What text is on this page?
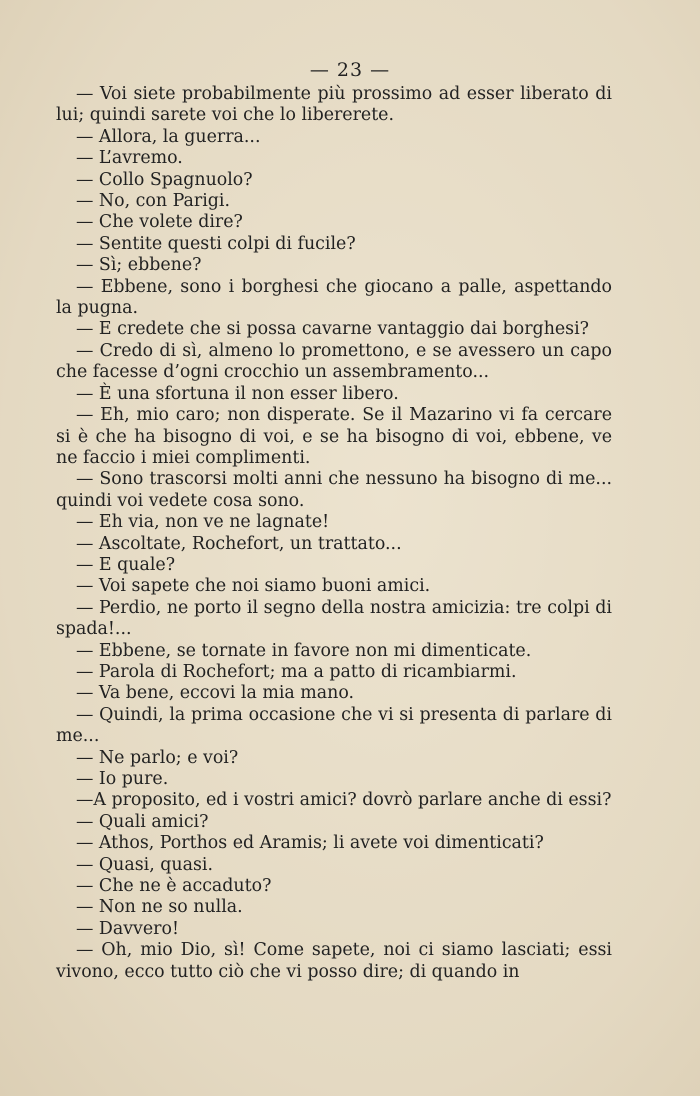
— 23 —

— Voi siete probabilmente più prossimo ad esser liberato di lui; quindi sarete voi che lo libererete.

— Allora, la guerra...

— L’avremo.

— Collo Spagnuolo?

— No, con Parigi.

— Che volete dire?

— Sentite questi colpi di fucile?

— Sì; ebbene?

— Ebbene, sono i borghesi che giocano a palle, aspettando la pugna.

— E credete che si possa cavarne vantaggio dai borghesi?

— Credo di sì, almeno lo promettono, e se avessero un capo che facesse d’ogni crocchio un assembramento...

— È una sfortuna il non esser libero.

— Eh, mio caro; non disperate. Se il Mazarino vi fa cercare si è che ha bisogno di voi, e se ha bisogno di voi, ebbene, ve ne faccio i miei complimenti.

— Sono trascorsi molti anni che nessuno ha bisogno di me... quindi voi vedete cosa sono.

— Eh via, non ve ne lagnate!

— Ascoltate, Rochefort, un trattato...

— E quale?

— Voi sapete che noi siamo buoni amici.

— Perdio, ne porto il segno della nostra amicizia: tre colpi di spada!...

— Ebbene, se tornate in favore non mi dimenticate.

— Parola di Rochefort; ma a patto di ricambiarmi.

— Va bene, eccovi la mia mano.

— Quindi, la prima occasione che vi si presenta di parlare di me...

— Ne parlo; e voi?

— Io pure.

—A proposito, ed i vostri amici? dovrò parlare anche di essi?

— Quali amici?

— Athos, Porthos ed Aramis; li avete voi dimenticati?

— Quasi, quasi.

— Che ne è accaduto?

— Non ne so nulla.

— Davvero!

— Oh, mio Dio, sì! Come sapete, noi ci siamo lasciati; essi vivono, ecco tutto ciò che vi posso dire; di quando in
